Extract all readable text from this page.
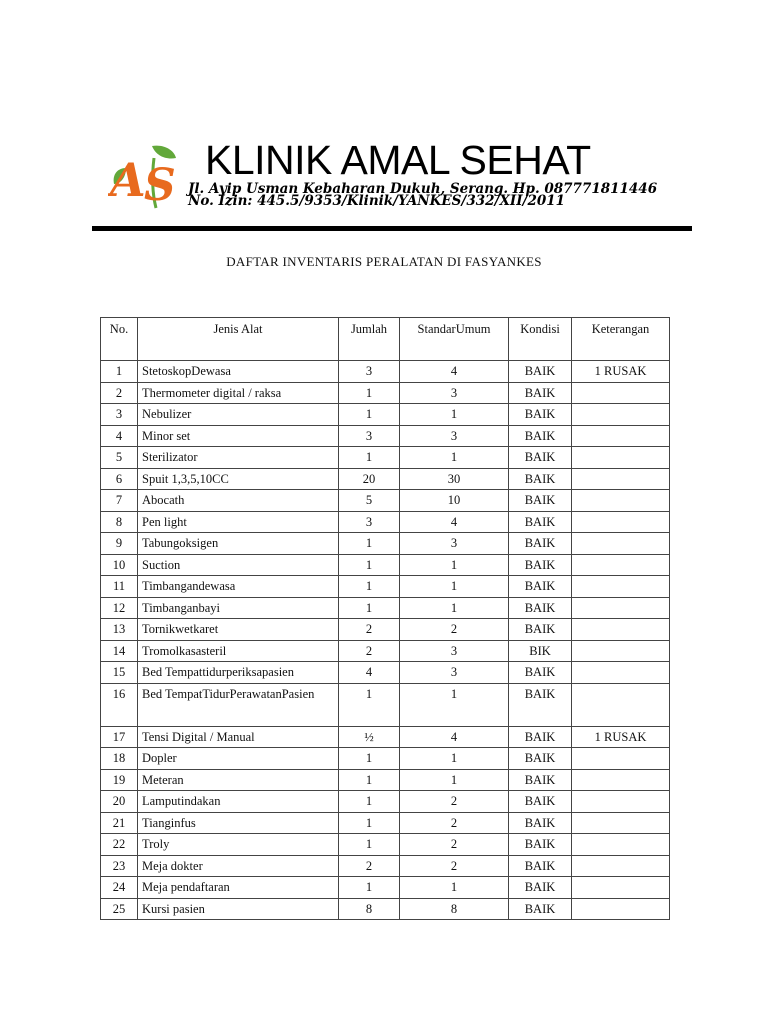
A
S KLINIK AMAL SEHAT
Jl. Ayip Usman Kebaharan Dukuh, Serang. Hp. 087771811446
No. Izin: 445.5/9353/Klinik/YANKES/332/XII/2011
DAFTAR INVENTARIS PERALATAN DI FASYANKES
No.	Jenis Alat	Jumlah	StandarUmum	Kondisi	Keterangan
1	StetoskopDewasa	3	4	BAIK	1 RUSAK
2	Thermometer digital / raksa	1	3	BAIK	
3	Nebulizer	1	1	BAIK	
4	Minor set	3	3	BAIK	
5	Sterilizator	1	1	BAIK	
6	Spuit 1,3,5,10CC	20	30	BAIK	
7	Abocath	5	10	BAIK	
8	Pen light	3	4	BAIK	
9	Tabungoksigen	1	3	BAIK	
10	Suction	1	1	BAIK	
11	Timbangandewasa	1	1	BAIK	
12	Timbanganbayi	1	1	BAIK	
13	Tornikwetkaret	2	2	BAIK	
14	Tromolkasasteril	2	3	BIK	
15	Bed Tempattidurperiksapasien	4	3	BAIK	
16	Bed TempatTidurPerawatanPasien	1	1	BAIK	
17	Tensi Digital / Manual	½	4	BAIK	1 RUSAK
18	Dopler	1	1	BAIK	
19	Meteran	1	1	BAIK	
20	Lamputindakan	1	2	BAIK	
21	Tianginfus	1	2	BAIK	
22	Troly	1	2	BAIK	
23	Meja dokter	2	2	BAIK	
24	Meja pendaftaran	1	1	BAIK	
25	Kursi pasien	8	8	BAIK	
